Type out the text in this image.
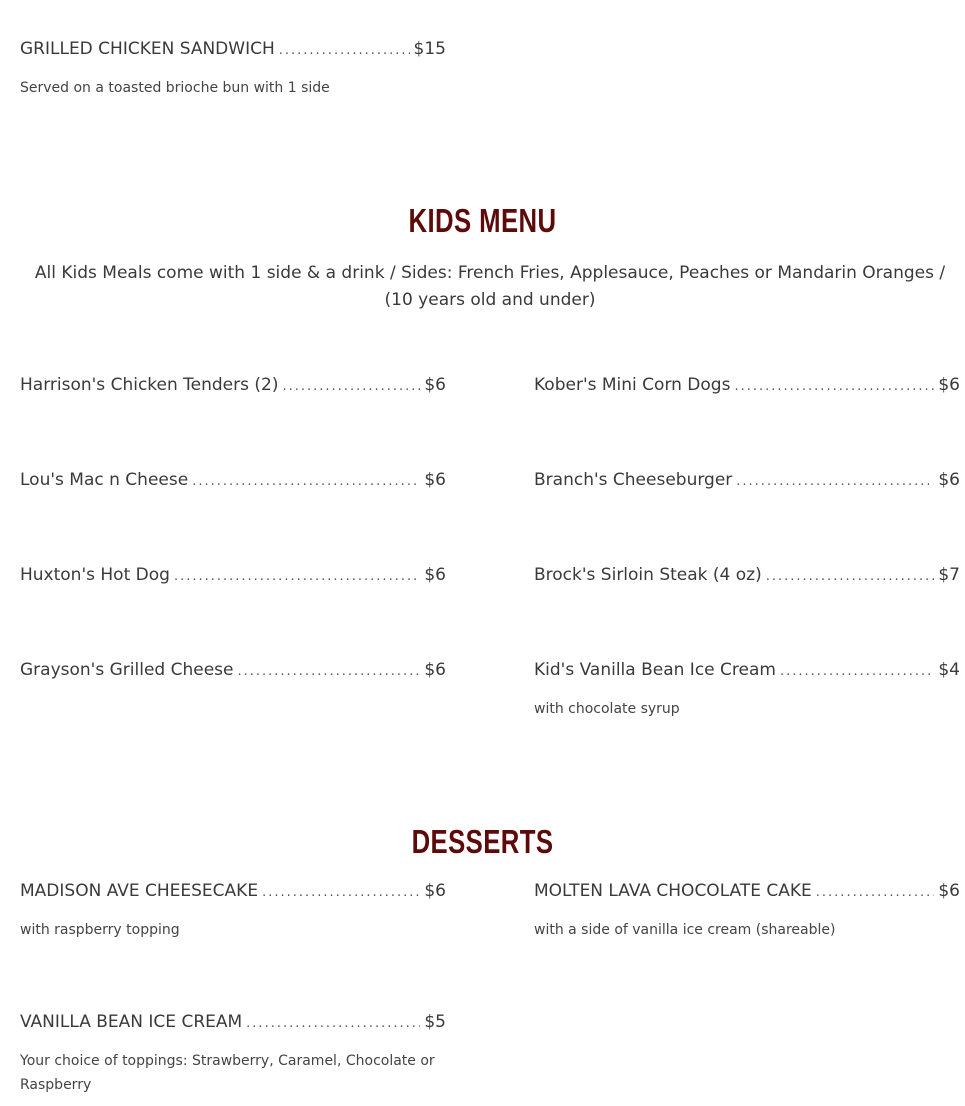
GRILLED CHICKEN SANDWICH .....	$15
Served on a toasted brioche bun with 1 side
KIDS MENU
All Kids Meals come with 1 side & a drink / Sides: French Fries, Applesauce, Peaches or Mandarin Oranges / (10 years old and under)
Harrison's Chicken Tenders (2) .....	$6	Kober's Mini Corn Dogs .....	$6
Lou's Mac n Cheese .....	$6	Branch's Cheeseburger .....	$6
Huxton's Hot Dog .....	$6	Brock's Sirloin Steak (4 oz) .....	$7
Grayson's Grilled Cheese .....	$6	Kid's Vanilla Bean Ice Cream .....	$4
with chocolate syrup
DESSERTS
MADISON AVE CHEESECAKE .....	$6
with raspberry topping
MOLTEN LAVA CHOCOLATE CAKE .....	$6
with a side of vanilla ice cream (shareable)
VANILLA BEAN ICE CREAM .....	$5
Your choice of toppings: Strawberry, Caramel, Chocolate or Raspberry
